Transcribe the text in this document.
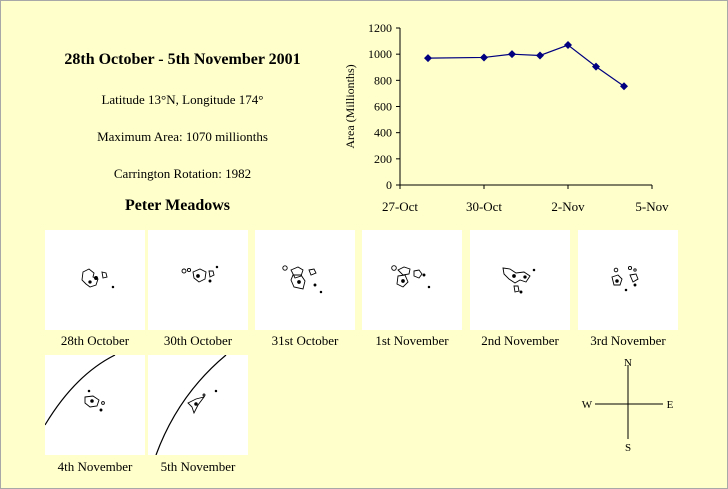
28th October - 5th November 2001
Latitude 13°N, Longitude 174°
Maximum Area: 1070 millionths
Carrington Rotation: 1982
Peter Meadows
0
200
400
600
800
1000
1200
27-Oct	30-Oct	2-Nov	5-Nov
Area (Millionths)
28th October	30th October	31st October	1st November	2nd November	3rd November
4th November	5th November
N
S
E
W
